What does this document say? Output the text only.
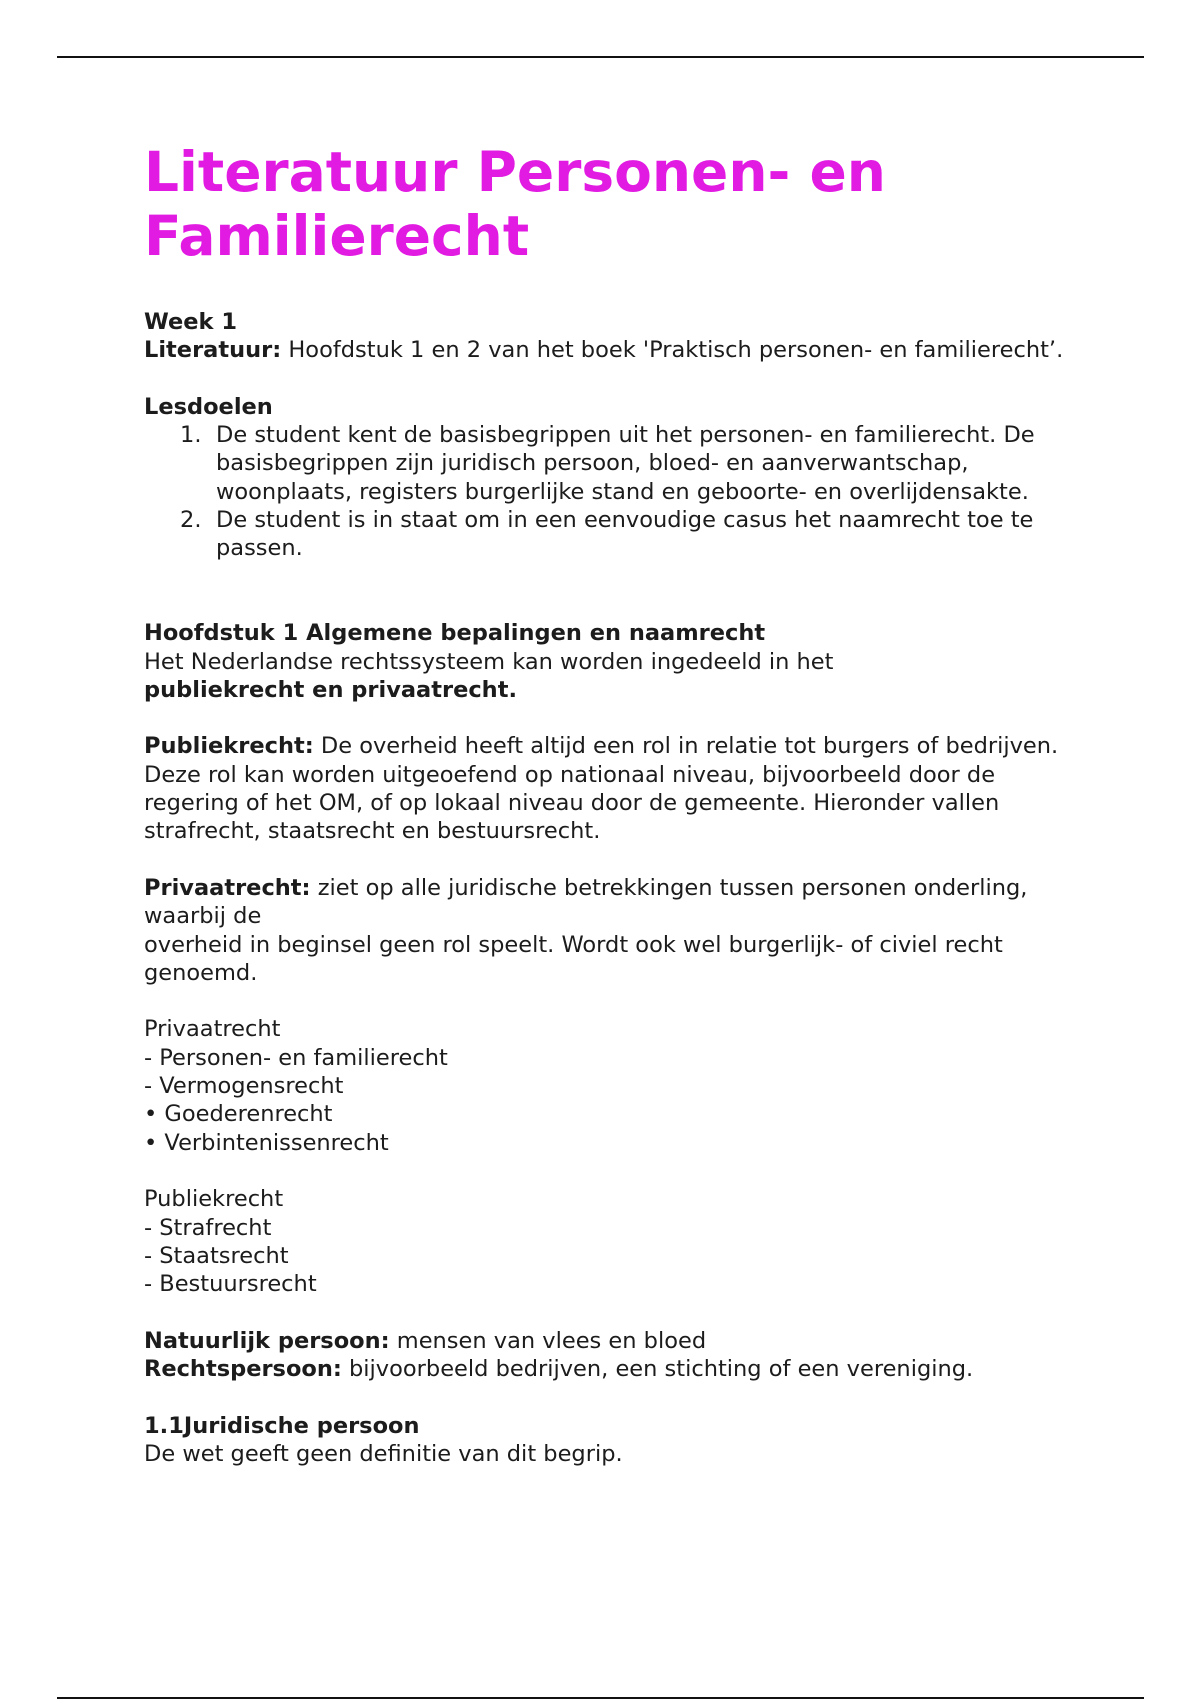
Literatuur Personen- en Familierecht

Week 1

Literatuur: Hoofdstuk 1 en 2 van het boek 'Praktisch personen- en familierecht’.

Lesdoelen

1. De student kent de basisbegrippen uit het personen- en familierecht. De basisbegrippen zijn juridisch persoon, bloed- en aanverwantschap, woonplaats, registers burgerlijke stand en geboorte- en overlijdensakte.
2. De student is in staat om in een eenvoudige casus het naamrecht toe te passen.

Hoofdstuk 1 Algemene bepalingen en naamrecht

Het Nederlandse rechtssysteem kan worden ingedeeld in het

publiekrecht en privaatrecht.

Publiekrecht: De overheid heeft altijd een rol in relatie tot burgers of bedrijven. Deze rol kan worden uitgeoefend op nationaal niveau, bijvoorbeeld door de regering of het OM, of op lokaal niveau door de gemeente. Hieronder vallen strafrecht, staatsrecht en bestuursrecht.

Privaatrecht: ziet op alle juridische betrekkingen tussen personen onderling, waarbij de

overheid in beginsel geen rol speelt. Wordt ook wel burgerlijk- of civiel recht genoemd.

Privaatrecht

- Personen- en familierecht

- Vermogensrecht

• Goederenrecht

• Verbintenissenrecht

Publiekrecht

- Strafrecht

- Staatsrecht

- Bestuursrecht

Natuurlijk persoon: mensen van vlees en bloed

Rechtspersoon: bijvoorbeeld bedrijven, een stichting of een vereniging.

1.1Juridische persoon

De wet geeft geen definitie van dit begrip.
